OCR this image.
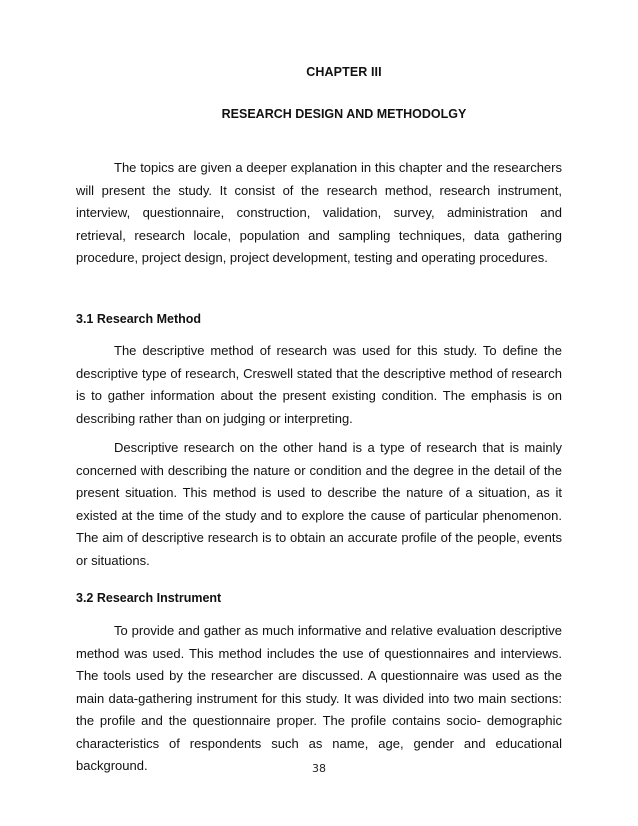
CHAPTER III
RESEARCH DESIGN AND METHODOLGY

The topics are given a deeper explanation in this chapter and the researchers will present the study. It consist of the research method, research instrument, interview, questionnaire, construction, validation, survey, administration and retrieval, research locale, population and sampling techniques, data gathering procedure, project design, project development, testing and operating procedures.

3.1 Research Method

The descriptive method of research was used for this study. To define the descriptive type of research, Creswell stated that the descriptive method of research is to gather information about the present existing condition. The emphasis is on describing rather than on judging or interpreting.

Descriptive research on the other hand is a type of research that is mainly concerned with describing the nature or condition and the degree in the detail of the present situation. This method is used to describe the nature of a situation, as it existed at the time of the study and to explore the cause of particular phenomenon. The aim of descriptive research is to obtain an accurate profile of the people, events or situations.

3.2 Research Instrument

To provide and gather as much informative and relative evaluation descriptive method was used. This method includes the use of questionnaires and interviews. The tools used by the researcher are discussed. A questionnaire was used as the main data-gathering instrument for this study. It was divided into two main sections: the profile and the questionnaire proper. The profile contains socio- demographic characteristics of respondents such as name, age, gender and educational background.	38
